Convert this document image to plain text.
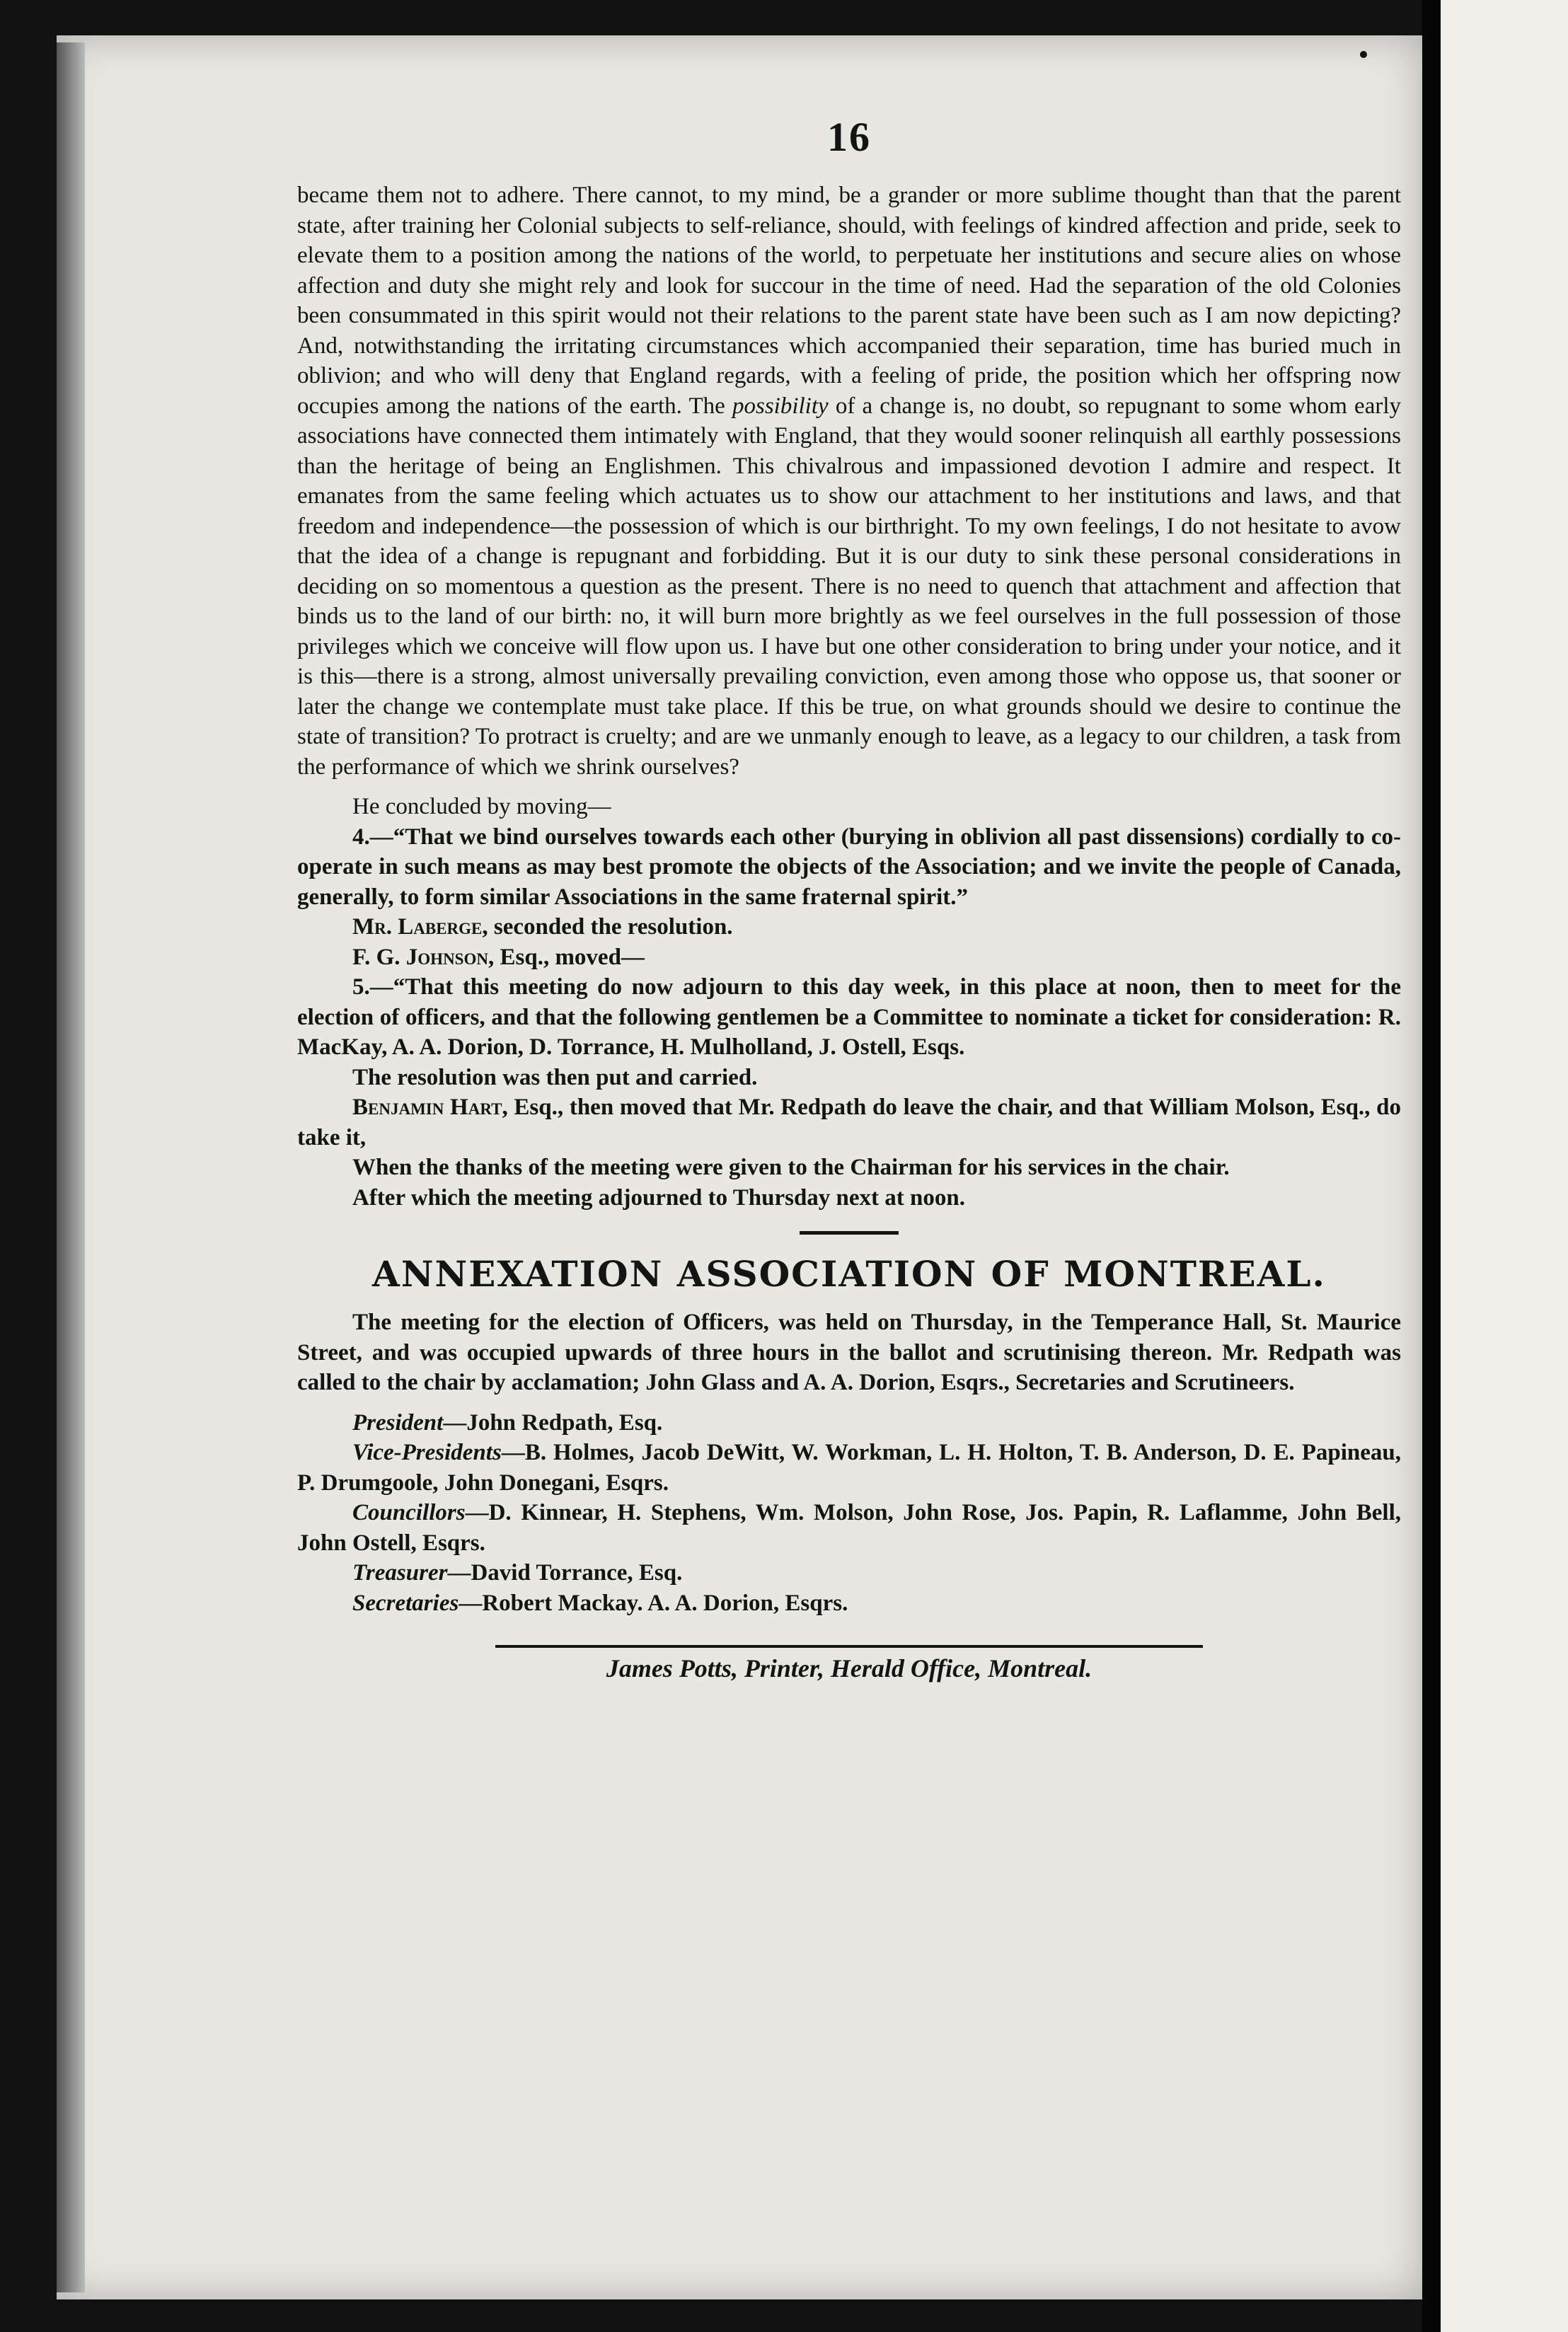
16

became them not to adhere. There cannot, to my mind, be a grander or more sublime thought than that the parent state, after training her Colonial subjects to self-reliance, should, with feelings of kindred affection and pride, seek to elevate them to a position among the nations of the world, to perpetuate her institutions and secure alies on whose affection and duty she might rely and look for succour in the time of need. Had the separation of the old Colonies been consummated in this spirit would not their relations to the parent state have been such as I am now depicting? And, notwithstanding the irritating circumstances which accompanied their separation, time has buried much in oblivion; and who will deny that England regards, with a feeling of pride, the position which her offspring now occupies among the nations of the earth. The possibility of a change is, no doubt, so repugnant to some whom early associations have connected them intimately with England, that they would sooner relinquish all earthly possessions than the heritage of being an Englishmen. This chivalrous and impassioned devotion I admire and respect. It emanates from the same feeling which actuates us to show our attachment to her institutions and laws, and that freedom and independence—the possession of which is our birthright. To my own feelings, I do not hesitate to avow that the idea of a change is repugnant and forbidding. But it is our duty to sink these personal considerations in deciding on so momentous a question as the present. There is no need to quench that attachment and affection that binds us to the land of our birth: no, it will burn more brightly as we feel ourselves in the full possession of those privileges which we conceive will flow upon us. I have but one other consideration to bring under your notice, and it is this—there is a strong, almost universally prevailing conviction, even among those who oppose us, that sooner or later the change we contemplate must take place. If this be true, on what grounds should we desire to continue the state of transition? To protract is cruelty; and are we unmanly enough to leave, as a legacy to our children, a task from the performance of which we shrink ourselves?

He concluded by moving—

4.—“That we bind ourselves towards each other (burying in oblivion all past dissensions) cordially to co-operate in such means as may best promote the objects of the Association; and we invite the people of Canada, generally, to form similar Associations in the same fraternal spirit.”

Mr. Laberge, seconded the resolution.

F. G. Johnson, Esq., moved—

5.—“That this meeting do now adjourn to this day week, in this place at noon, then to meet for the election of officers, and that the following gentlemen be a Committee to nominate a ticket for consideration: R. MacKay, A. A. Dorion, D. Torrance, H. Mulholland, J. Ostell, Esqs.

The resolution was then put and carried.

Benjamin Hart, Esq., then moved that Mr. Redpath do leave the chair, and that William Molson, Esq., do take it,

When the thanks of the meeting were given to the Chairman for his services in the chair.

After which the meeting adjourned to Thursday next at noon.

ANNEXATION ASSOCIATION OF MONTREAL.

The meeting for the election of Officers, was held on Thursday, in the Temperance Hall, St. Maurice Street, and was occupied upwards of three hours in the ballot and scrutinising thereon. Mr. Redpath was called to the chair by acclamation; John Glass and A. A. Dorion, Esqrs., Secretaries and Scrutineers.

President—John Redpath, Esq.

Vice-Presidents—B. Holmes, Jacob DeWitt, W. Workman, L. H. Holton, T. B. Anderson, D. E. Papineau, P. Drumgoole, John Donegani, Esqrs.

Councillors—D. Kinnear, H. Stephens, Wm. Molson, John Rose, Jos. Papin, R. Laflamme, John Bell, John Ostell, Esqrs.

Treasurer—David Torrance, Esq.

Secretaries—Robert Mackay. A. A. Dorion, Esqrs.

James Potts, Printer, Herald Office, Montreal.
